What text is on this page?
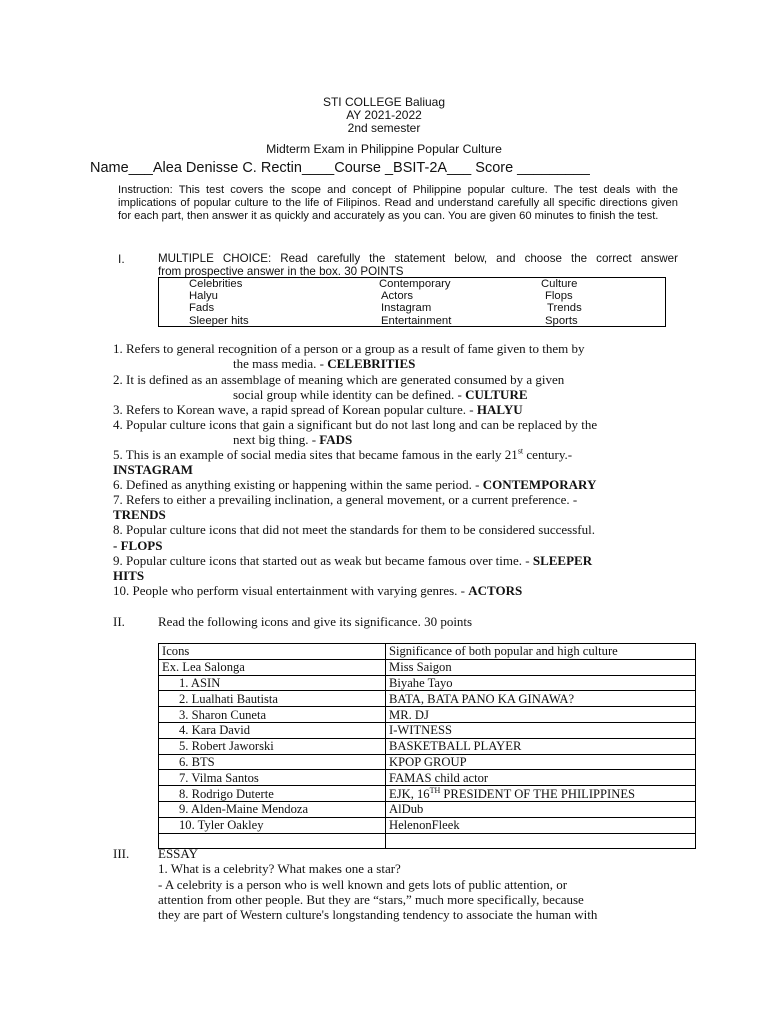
STI COLLEGE Baliuag
AY 2021-2022
2nd semester
Midterm Exam in Philippine Popular Culture
Name___Alea Denisse C. Rectin____Course _BSIT-2A___ Score _________
Instruction: This test covers the scope and concept of Philippine popular culture. The test deals with the implications of popular culture to the life of Filipinos. Read and understand carefully all specific directions given for each part, then answer it as quickly and accurately as you can. You are given 60 minutes to finish the test.
I.	MULTIPLE CHOICE: Read carefully the statement below, and choose the correct answer
from prospective answer in the box. 30 POINTS
Celebrities	Contemporary	Culture
Halyu	Actors	Flops
Fads	Instagram	Trends
Sleeper hits	Entertainment	Sports
1. Refers to general recognition of a person or a group as a result of fame given to them by
the mass media. - CELEBRITIES
2. It is defined as an assemblage of meaning which are generated consumed by a given
social group while identity can be defined. - CULTURE
3. Refers to Korean wave, a rapid spread of Korean popular culture. - HALYU
4. Popular culture icons that gain a significant but do not last long and can be replaced by the
next big thing. - FADS
5. This is an example of social media sites that became famous in the early 21st century.-
INSTAGRAM
6. Defined as anything existing or happening within the same period. - CONTEMPORARY
7. Refers to either a prevailing inclination, a general movement, or a current preference. -
TRENDS
8. Popular culture icons that did not meet the standards for them to be considered successful.
- FLOPS
9. Popular culture icons that started out as weak but became famous over time. - SLEEPER
HITS
10. People who perform visual entertainment with varying genres. - ACTORS
II.	Read the following icons and give its significance. 30 points
Icons	Significance of both popular and high culture
Ex. Lea Salonga	Miss Saigon
1. ASIN	Biyahe Tayo
2. Lualhati Bautista	BATA, BATA PANO KA GINAWA?
3. Sharon Cuneta	MR. DJ
4. Kara David	I-WITNESS
5. Robert Jaworski	BASKETBALL PLAYER
6. BTS	KPOP GROUP
7. Vilma Santos	FAMAS child actor
8. Rodrigo Duterte	EJK, 16TH PRESIDENT OF THE PHILIPPINES
9. Alden-Maine Mendoza	AlDub
10. Tyler Oakley	HelenonFleek

III. ESSAY
1. What is a celebrity? What makes one a star?
- A celebrity is a person who is well known and gets lots of public attention, or
attention from other people. But they are “stars,” much more specifically, because
they are part of Western culture's longstanding tendency to associate the human with
